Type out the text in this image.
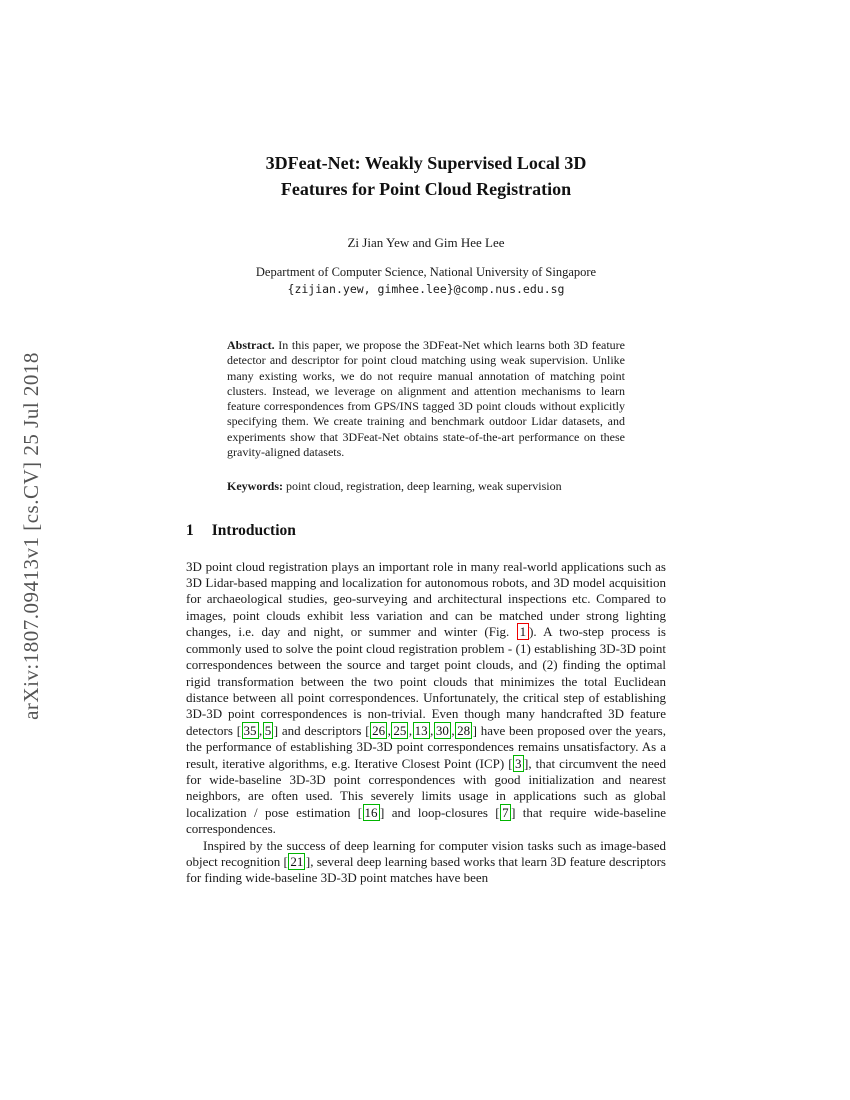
arXiv:1807.09413v1 [cs.CV] 25 Jul 2018
3DFeat-Net: Weakly Supervised Local 3D
Features for Point Cloud Registration
Zi Jian Yew and Gim Hee Lee
Department of Computer Science, National University of Singapore
{zijian.yew, gimhee.lee}@comp.nus.edu.sg
Abstract. In this paper, we propose the 3DFeat-Net which learns both 3D feature detector and descriptor for point cloud matching using weak supervision. Unlike many existing works, we do not require manual annotation of matching point clusters. Instead, we leverage on alignment and attention mechanisms to learn feature correspondences from GPS/INS tagged 3D point clouds without explicitly specifying them. We create training and benchmark outdoor Lidar datasets, and experiments show that 3DFeat-Net obtains state-of-the-art performance on these gravity-aligned datasets.
Keywords: point cloud, registration, deep learning, weak supervision
1 Introduction
3D point cloud registration plays an important role in many real-world applications such as 3D Lidar-based mapping and localization for autonomous robots, and 3D model acquisition for archaeological studies, geo-surveying and architectural inspections etc. Compared to images, point clouds exhibit less variation and can be matched under strong lighting changes, i.e. day and night, or summer and winter (Fig. 1 ). A two-step process is commonly used to solve the point cloud registration problem - (1) establishing 3D-3D point correspondences between the source and target point clouds, and (2) finding the optimal rigid transformation between the two point clouds that minimizes the total Euclidean distance between all point correspondences. Unfortunately, the critical step of establishing 3D-3D point correspondences is non-trivial. Even though many handcrafted 3D feature detectors [ 35 , 5 ] and descriptors [ 26 , 25 , 13 , 30 , 28 ] have been proposed over the years, the performance of establishing 3D-3D point correspondences remains unsatisfactory. As a result, iterative algorithms, e.g. Iterative Closest Point (ICP) [ 3 ], that circumvent the need for wide-baseline 3D-3D point correspondences with good initialization and nearest neighbors, are often used. This severely limits usage in applications such as global localization / pose estimation [ 16 ] and loop-closures [ 7 ] that require wide-baseline correspondences.
Inspired by the success of deep learning for computer vision tasks such as image-based object recognition [ 21 ], several deep learning based works that learn 3D feature descriptors for finding wide-baseline 3D-3D point matches have been
